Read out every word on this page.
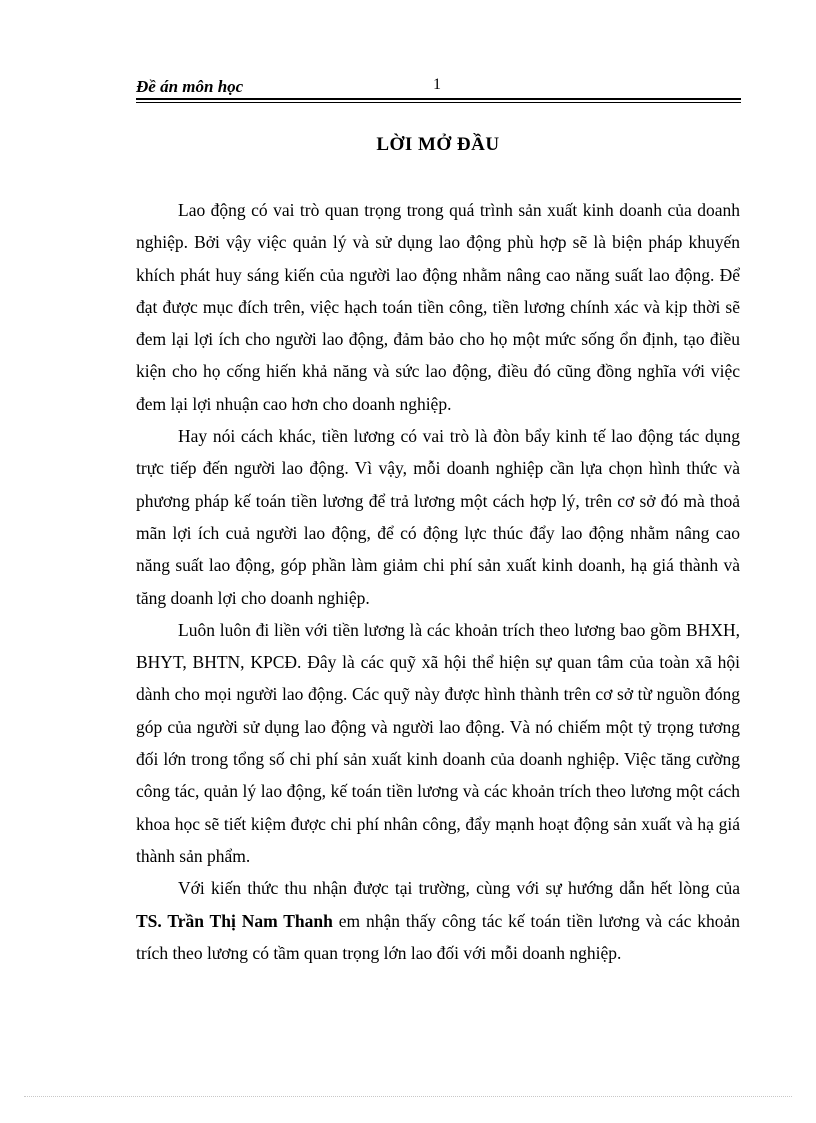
Đề án môn học	1
LỜI MỞ ĐẦU

Lao động có vai trò quan trọng trong quá trình sản xuất kinh doanh của doanh nghiệp. Bởi vậy việc quản lý và sử dụng lao động phù hợp sẽ là biện pháp khuyến khích phát huy sáng kiến của người lao động nhằm nâng cao năng suất lao động. Để đạt được mục đích trên, việc hạch toán tiền công, tiền lương chính xác và kịp thời sẽ đem lại lợi ích cho người lao động, đảm bảo cho họ một mức sống ổn định, tạo điều kiện cho họ cống hiến khả năng và sức lao động, điều đó cũng đồng nghĩa với việc đem lại lợi nhuận cao hơn cho doanh nghiệp.

Hay nói cách khác, tiền lương có vai trò là đòn bẩy kinh tế lao động tác dụng trực tiếp đến người lao động. Vì vậy, mỗi doanh nghiệp cần lựa chọn hình thức và phương pháp kế toán tiền lương để trả lương một cách hợp lý, trên cơ sở đó mà thoả mãn lợi ích cuả người lao động, để có động lực thúc đẩy lao động nhằm nâng cao năng suất lao động, góp phần làm giảm chi phí sản xuất kinh doanh, hạ giá thành và tăng doanh lợi cho doanh nghiệp.

Luôn luôn đi liền với tiền lương là các khoản trích theo lương bao gồm BHXH, BHYT, BHTN, KPCĐ. Đây là các quỹ xã hội thể hiện sự quan tâm của toàn xã hội dành cho mọi người lao động. Các quỹ này được hình thành trên cơ sở từ nguồn đóng góp của người sử dụng lao động và người lao động. Và nó chiếm một tỷ trọng tương đối lớn trong tổng số chi phí sản xuất kinh doanh của doanh nghiệp. Việc tăng cường công tác, quản lý lao động, kế toán tiền lương và các khoản trích theo lương một cách khoa học sẽ tiết kiệm được chi phí nhân công, đẩy mạnh hoạt động sản xuất và hạ giá thành sản phẩm.

Với kiến thức thu nhận được tại trường, cùng với sự hướng dẫn hết lòng của TS. Trần Thị Nam Thanh em nhận thấy công tác kế toán tiền lương và các khoản trích theo lương có tầm quan trọng lớn lao đối với mỗi doanh nghiệp.
